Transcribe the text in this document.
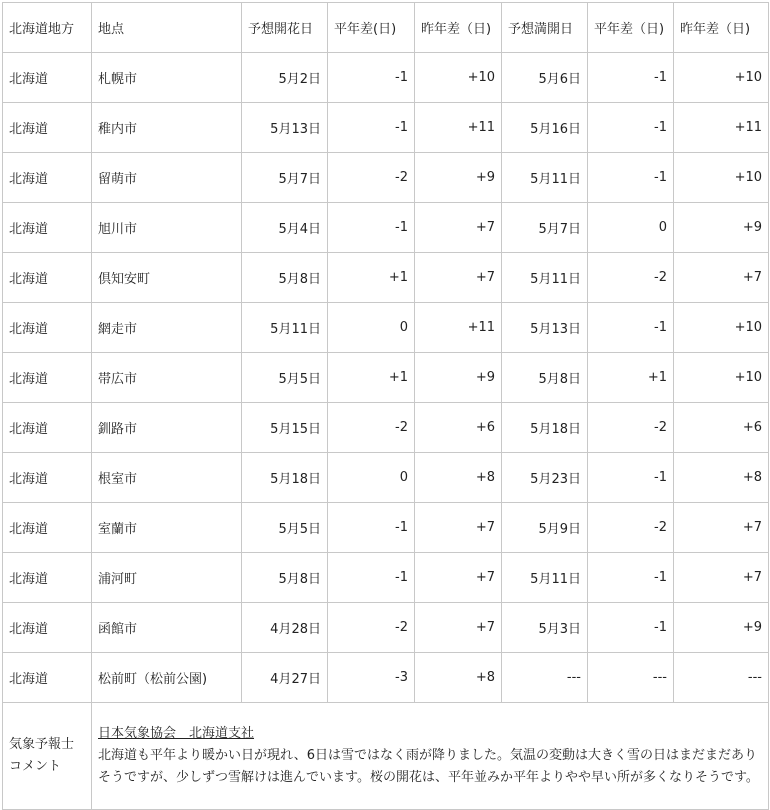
北海道地方	地点	予想開花日	平年差(日)	昨年差（日)	予想満開日	平年差（日)	昨年差（日)
北海道	札幌市	5月2日	-1	+10	5月6日	-1	+10
北海道	稚内市	5月13日	-1	+11	5月16日	-1	+11
北海道	留萌市	5月7日	-2	+9	5月11日	-1	+10
北海道	旭川市	5月4日	-1	+7	5月7日	0	+9
北海道	倶知安町	5月8日	+1	+7	5月11日	-2	+7
北海道	網走市	5月11日	0	+11	5月13日	-1	+10
北海道	帯広市	5月5日	+1	+9	5月8日	+1	+10
北海道	釧路市	5月15日	-2	+6	5月18日	-2	+6
北海道	根室市	5月18日	0	+8	5月23日	-1	+8
北海道	室蘭市	5月5日	-1	+7	5月9日	-2	+7
北海道	浦河町	5月8日	-1	+7	5月11日	-1	+7
北海道	函館市	4月28日	-2	+7	5月3日	-1	+9
北海道	松前町（松前公園)	4月27日	-3	+8	---	---	---
気象予報士コメント	日本気象協会　北海道支社
北海道も平年より暖かい日が現れ、6日は雪ではなく雨が降りました。気温の変動は大きく雪の日はまだまだありそうですが、少しずつ雪解けは進んでいます。桜の開花は、平年並みか平年よりやや早い所が多くなりそうです。						
